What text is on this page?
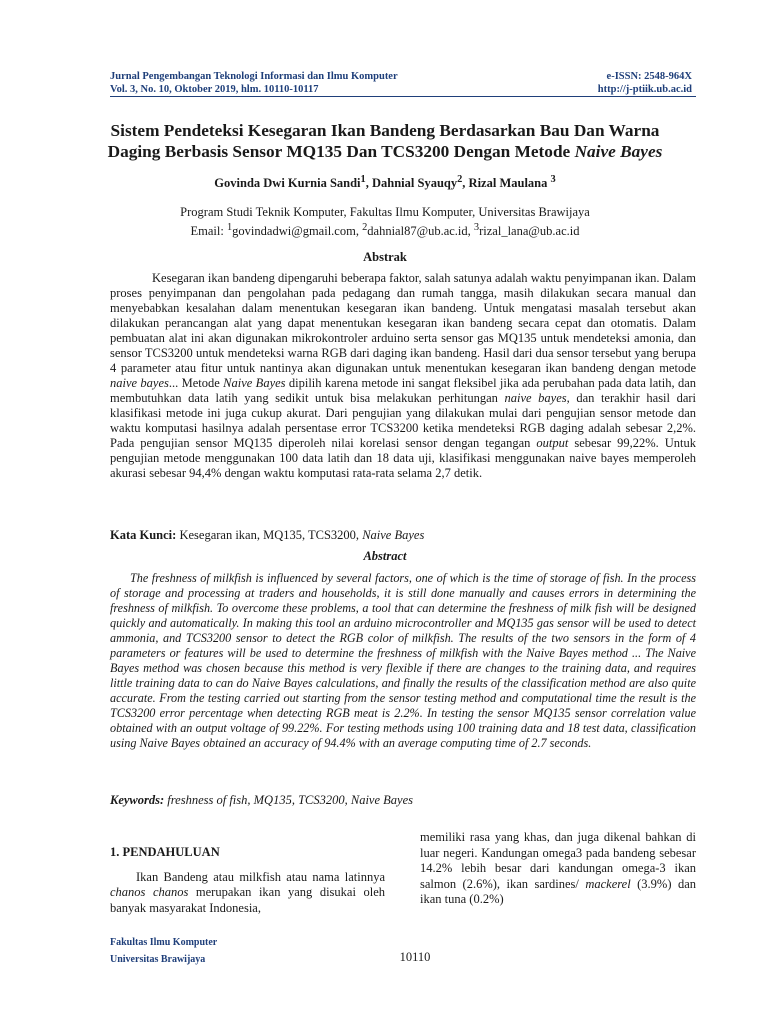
Jurnal Pengembangan Teknologi Informasi dan Ilmu Komputer
Vol. 3, No. 10, Oktober 2019, hlm. 10110-10117
e-ISSN: 2548-964X
http://j-ptiik.ub.ac.id
Sistem Pendeteksi Kesegaran Ikan Bandeng Berdasarkan Bau Dan Warna
Daging Berbasis Sensor MQ135 Dan TCS3200 Dengan Metode Naive Bayes
Govinda Dwi Kurnia Sandi$^1$, Dahnial Syauqy$^2$, Rizal Maulana $^3$
Program Studi Teknik Komputer, Fakultas Ilmu Komputer, Universitas Brawijaya
Email: $^1$govindadwi@gmail.com, $^2$dahnial87@ub.ac.id, $^3$rizal_lana@ub.ac.id
Abstrak

Kesegaran ikan bandeng dipengaruhi beberapa faktor, salah satunya adalah waktu penyimpanan ikan. Dalam proses penyimpanan dan pengolahan pada pedagang dan rumah tangga, masih dilakukan secara manual dan menyebabkan kesalahan dalam menentukan kesegaran ikan bandeng. Untuk mengatasi masalah tersebut akan dilakukan perancangan alat yang dapat menentukan kesegaran ikan bandeng secara cepat dan otomatis. Dalam pembuatan alat ini akan digunakan mikrokontroler arduino serta sensor gas MQ135 untuk mendeteksi amonia, dan sensor TCS3200 untuk mendeteksi warna RGB dari daging ikan bandeng. Hasil dari dua sensor tersebut yang berupa 4 parameter atau fitur untuk nantinya akan digunakan untuk menentukan kesegaran ikan bandeng dengan metode naive bayes... Metode Naive Bayes dipilih karena metode ini sangat fleksibel jika ada perubahan pada data latih, dan membutuhkan data latih yang sedikit untuk bisa melakukan perhitungan naive bayes, dan terakhir hasil dari klasifikasi metode ini juga cukup akurat. Dari pengujian yang dilakukan mulai dari pengujian sensor metode dan waktu komputasi hasilnya adalah persentase error TCS3200 ketika mendeteksi RGB daging adalah sebesar 2,2%. Pada pengujian sensor MQ135 diperoleh nilai korelasi sensor dengan tegangan output sebesar 99,22%. Untuk pengujian metode menggunakan 100 data latih dan 18 data uji, klasifikasi menggunakan naive bayes memperoleh akurasi sebesar 94,4% dengan waktu komputasi rata-rata selama 2,7 detik.

Kata Kunci: Kesegaran ikan, MQ135, TCS3200, Naive Bayes
Abstract

The freshness of milkfish is influenced by several factors, one of which is the time of storage of fish. In the process of storage and processing at traders and households, it is still done manually and causes errors in determining the freshness of milkfish. To overcome these problems, a tool that can determine the freshness of milk fish will be designed quickly and automatically. In making this tool an arduino microcontroller and MQ135 gas sensor will be used to detect ammonia, and TCS3200 sensor to detect the RGB color of milkfish. The results of the two sensors in the form of 4 parameters or features will be used to determine the freshness of milkfish with the Naive Bayes method ... The Naive Bayes method was chosen because this method is very flexible if there are changes to the training data, and requires little training data to can do Naive Bayes calculations, and finally the results of the classification method are also quite accurate. From the testing carried out starting from the sensor testing method and computational time the result is the TCS3200 error percentage when detecting RGB meat is 2.2%. In testing the sensor MQ135 sensor correlation value obtained with an output voltage of 99.22%. For testing methods using 100 training data and 18 test data, classification using Naive Bayes obtained an accuracy of 94.4% with an average computing time of 2.7 seconds.

Keywords: freshness of fish, MQ135, TCS3200, Naive Bayes
1. PENDAHULUAN
Ikan Bandeng atau milkfish atau nama latinnya chanos chanos merupakan ikan yang disukai oleh banyak masyarakat Indonesia,
memiliki rasa yang khas, dan juga dikenal bahkan di luar negeri. Kandungan omega3 pada bandeng sebesar 14.2% lebih besar dari kandungan omega-3 ikan salmon (2.6%), ikan sardines/ mackerel (3.9%) dan ikan tuna (0.2%)
Fakultas Ilmu Komputer
Universitas Brawijaya	10110
